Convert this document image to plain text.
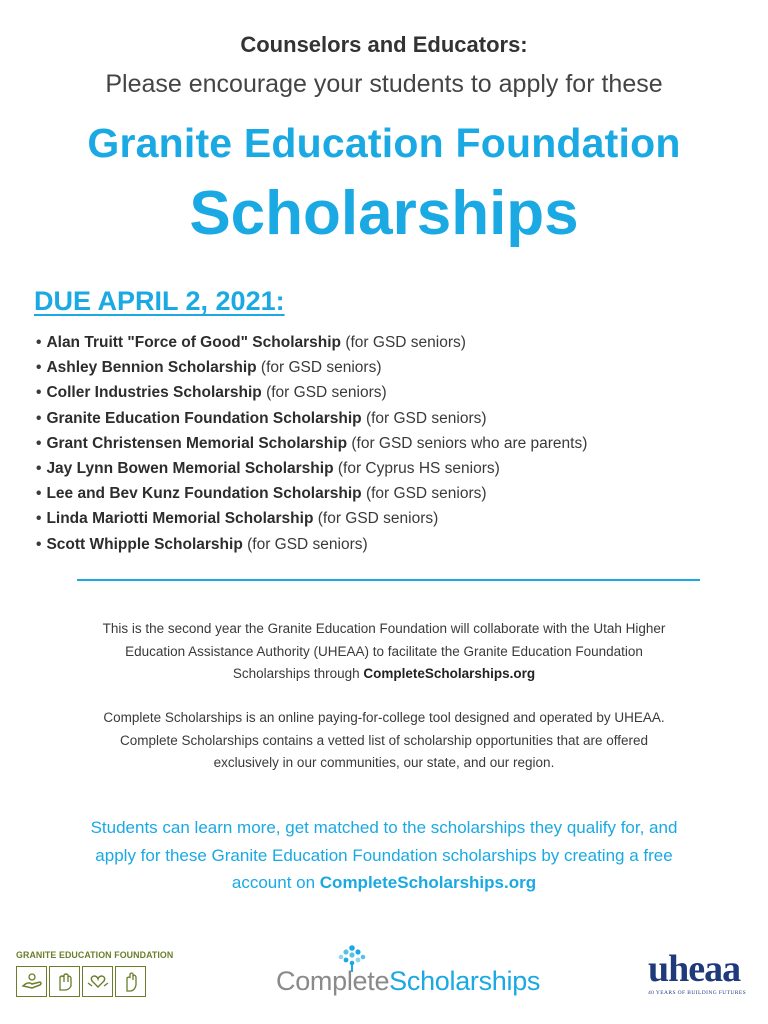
Counselors and Educators:
Please encourage your students to apply for these
Granite Education Foundation
Scholarships
DUE APRIL 2, 2021:
• Alan Truitt "Force of Good" Scholarship (for GSD seniors)
• Ashley Bennion Scholarship (for GSD seniors)
• Coller Industries Scholarship (for GSD seniors)
• Granite Education Foundation Scholarship (for GSD seniors)
• Grant Christensen Memorial Scholarship (for GSD seniors who are parents)
• Jay Lynn Bowen Memorial Scholarship (for Cyprus HS seniors)
• Lee and Bev Kunz Foundation Scholarship (for GSD seniors)
• Linda Mariotti Memorial Scholarship (for GSD seniors)
• Scott Whipple Scholarship (for GSD seniors)
This is the second year the Granite Education Foundation will collaborate with the Utah Higher
Education Assistance Authority (UHEAA) to facilitate the Granite Education Foundation
Scholarships through CompleteScholarships.org
Complete Scholarships is an online paying-for-college tool designed and operated by UHEAA.
Complete Scholarships contains a vetted list of scholarship opportunities that are offered
exclusively in our communities, our state, and our region.
Students can learn more, get matched to the scholarships they qualify for, and
apply for these Granite Education Foundation scholarships by creating a free
account on CompleteScholarships.org
GRANITE EDUCATION FOUNDATION
CompleteScholarships	uheaa
40 YEARS OF BUILDING FUTURES
